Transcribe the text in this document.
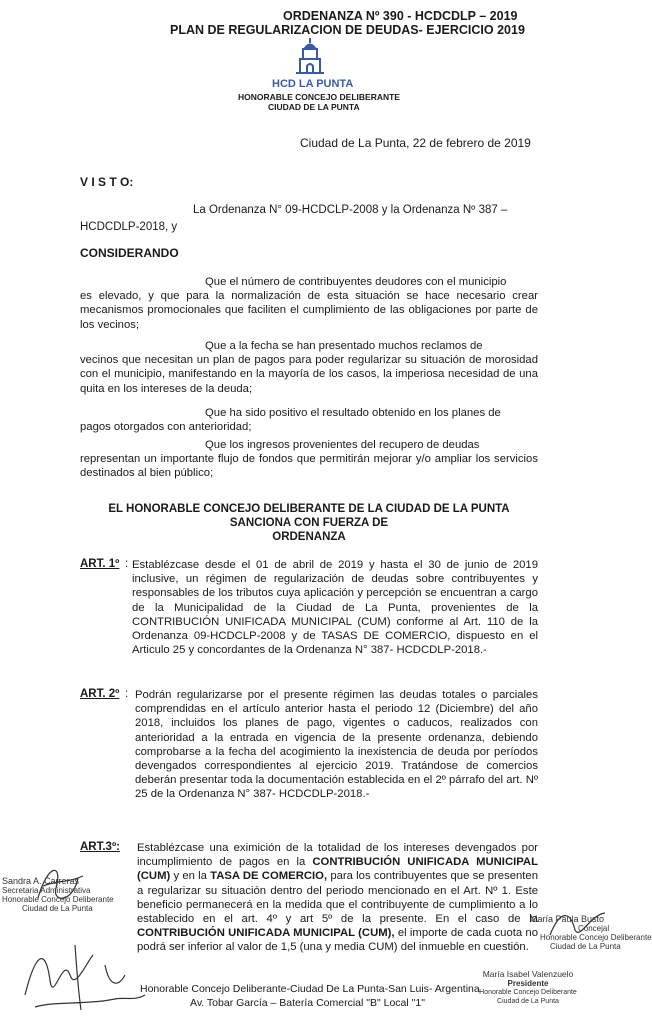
ORDENANZA Nº 390 - HCDCDLP – 2019
PLAN DE REGULARIZACION DE DEUDAS- EJERCICIO 2019
HCD LA PUNTA
HONORABLE CONCEJO DELIBERANTE
CIUDAD DE LA PUNTA
Ciudad de La Punta, 22 de febrero de 2019
V I S T O:
La Ordenanza N° 09-HCDCLP-2008 y la Ordenanza Nº 387 –
HCDCDLP-2018, y
CONSIDERANDO
Que el número de contribuyentes deudores con el municipio
es elevado, y que para la normalización de esta situación se hace necesario crear mecanismos promocionales que faciliten el cumplimiento de las obligaciones por parte de los vecinos;
Que a la fecha se han presentado muchos reclamos de
vecinos que necesitan un plan de pagos para poder regularizar su situación de morosidad con el municipio, manifestando en la mayoría de los casos, la imperiosa necesidad de una quita en los intereses de la deuda;
Que ha sido positivo el resultado obtenido en los planes de
pagos otorgados con anterioridad;
Que los ingresos provenientes del recupero de deudas
representan un importante flujo de fondos que permitirán mejorar y/o ampliar los servicios destinados al bien público;
EL HONORABLE CONCEJO DELIBERANTE DE LA CIUDAD DE LA PUNTA
SANCIONA CON FUERZA DE
ORDENANZA
ART. 1º : Establézcase desde el 01 de abril de 2019 y hasta el 30 de junio de 2019 inclusive, un régimen de regularización de deudas sobre contribuyentes y responsables de los tributos cuya aplicación y percepción se encuentran a cargo de la Municipalidad de la Ciudad de La Punta, provenientes de la CONTRIBUCIÓN UNIFICADA MUNICIPAL (CUM) conforme al Art. 110 de la Ordenanza 09-HCDCLP-2008 y de TASAS DE COMERCIO, dispuesto en el Articulo 25 y concordantes de la Ordenanza N° 387- HCDCDLP-2018.-
ART. 2º : Podrán regularizarse por el presente régimen las deudas totales o parciales comprendidas en el artículo anterior hasta el periodo 12 (Diciembre) del año 2018, incluidos los planes de pago, vigentes o caducos, realizados con anterioridad a la entrada en vigencia de la presente ordenanza, debiendo comprobarse a la fecha del acogimiento la inexistencia de deuda por períodos devengados correspondientes al ejercicio 2019. Tratándose de comercios deberán presentar toda la documentación establecida en el 2º párrafo del art. Nº 25 de la Ordenanza N° 387- HCDCDLP-2018.-
ART.3º: Establézcase una eximición de la totalidad de los intereses devengados por incumplimiento de pagos en la CONTRIBUCIÓN UNIFICADA MUNICIPAL (CUM) y en la TASA DE COMERCIO, para los contribuyentes que se presenten a regularizar su situación dentro del periodo mencionado en el Art. Nº 1. Este beneficio permanecerá en la medida que el contribuyente de cumplimiento a lo establecido en el art. 4º y art 5º de la presente. En el caso de la CONTRIBUCIÓN UNIFICADA MUNICIPAL (CUM), el importe de cada cuota no podrá ser inferior al valor de 1,5 (una y media CUM) del inmueble en cuestión.
Sandra A. Carreras
Secretaria Administrativa
Honorable Concejo Deliberante
Ciudad de La Punta
María Paula Busto
Concejal
Honorable Concejo Deliberante
Ciudad de La Punta
María Isabel Valenzuelo
Presidente
Honorable Concejo Deliberante
Ciudad de La Punta
Honorable Concejo Deliberante-Ciudad De La Punta-San Luis- Argentina
Av. Tobar García – Batería Comercial "B" Local "1"
